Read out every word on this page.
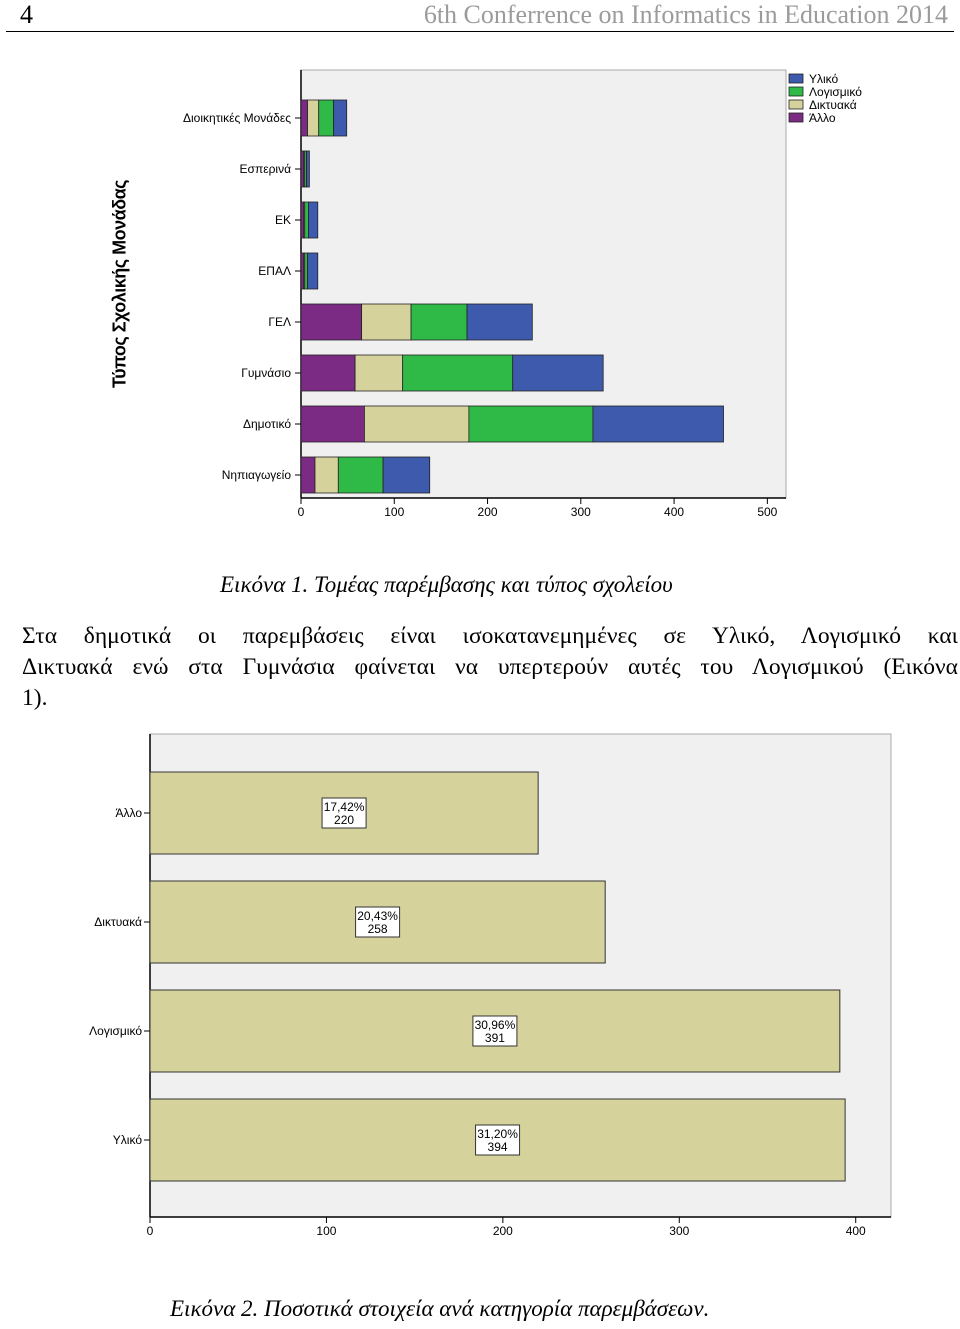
4	6th Conferrence on Informatics in Education 2014
0	100	200	300	400	500
Διοικητικές Μονάδες
Εσπερινά
ΕΚ
ΕΠΑΛ
ΓΕΛ
Γυμνάσιο
Δημοτικό
Νηπιαγωγείο
Υλικό
Λογισμικό
Δικτυακά
Άλλο
Τύπος Σχολικής Μονάδας
Εικόνα 1. Τομέας παρέμβασης και τύπος σχολείου
Στα δημοτικά οι παρεμβάσεις είναι ισοκατανεμημένες σε Υλικό, Λογισμικό και
Δικτυακά ενώ στα Γυμνάσια φαίνεται να υπερτερούν αυτές του Λογισμικού (Εικόνα
1).
0	100	200	300	400
Άλλο	17,42%
220
Δικτυακά	20,43%
258
Λογισμικό	30,96%
391
Υλικό	31,20%
394
Εικόνα 2. Ποσοτικά στοιχεία ανά κατηγορία παρεμβάσεων.
